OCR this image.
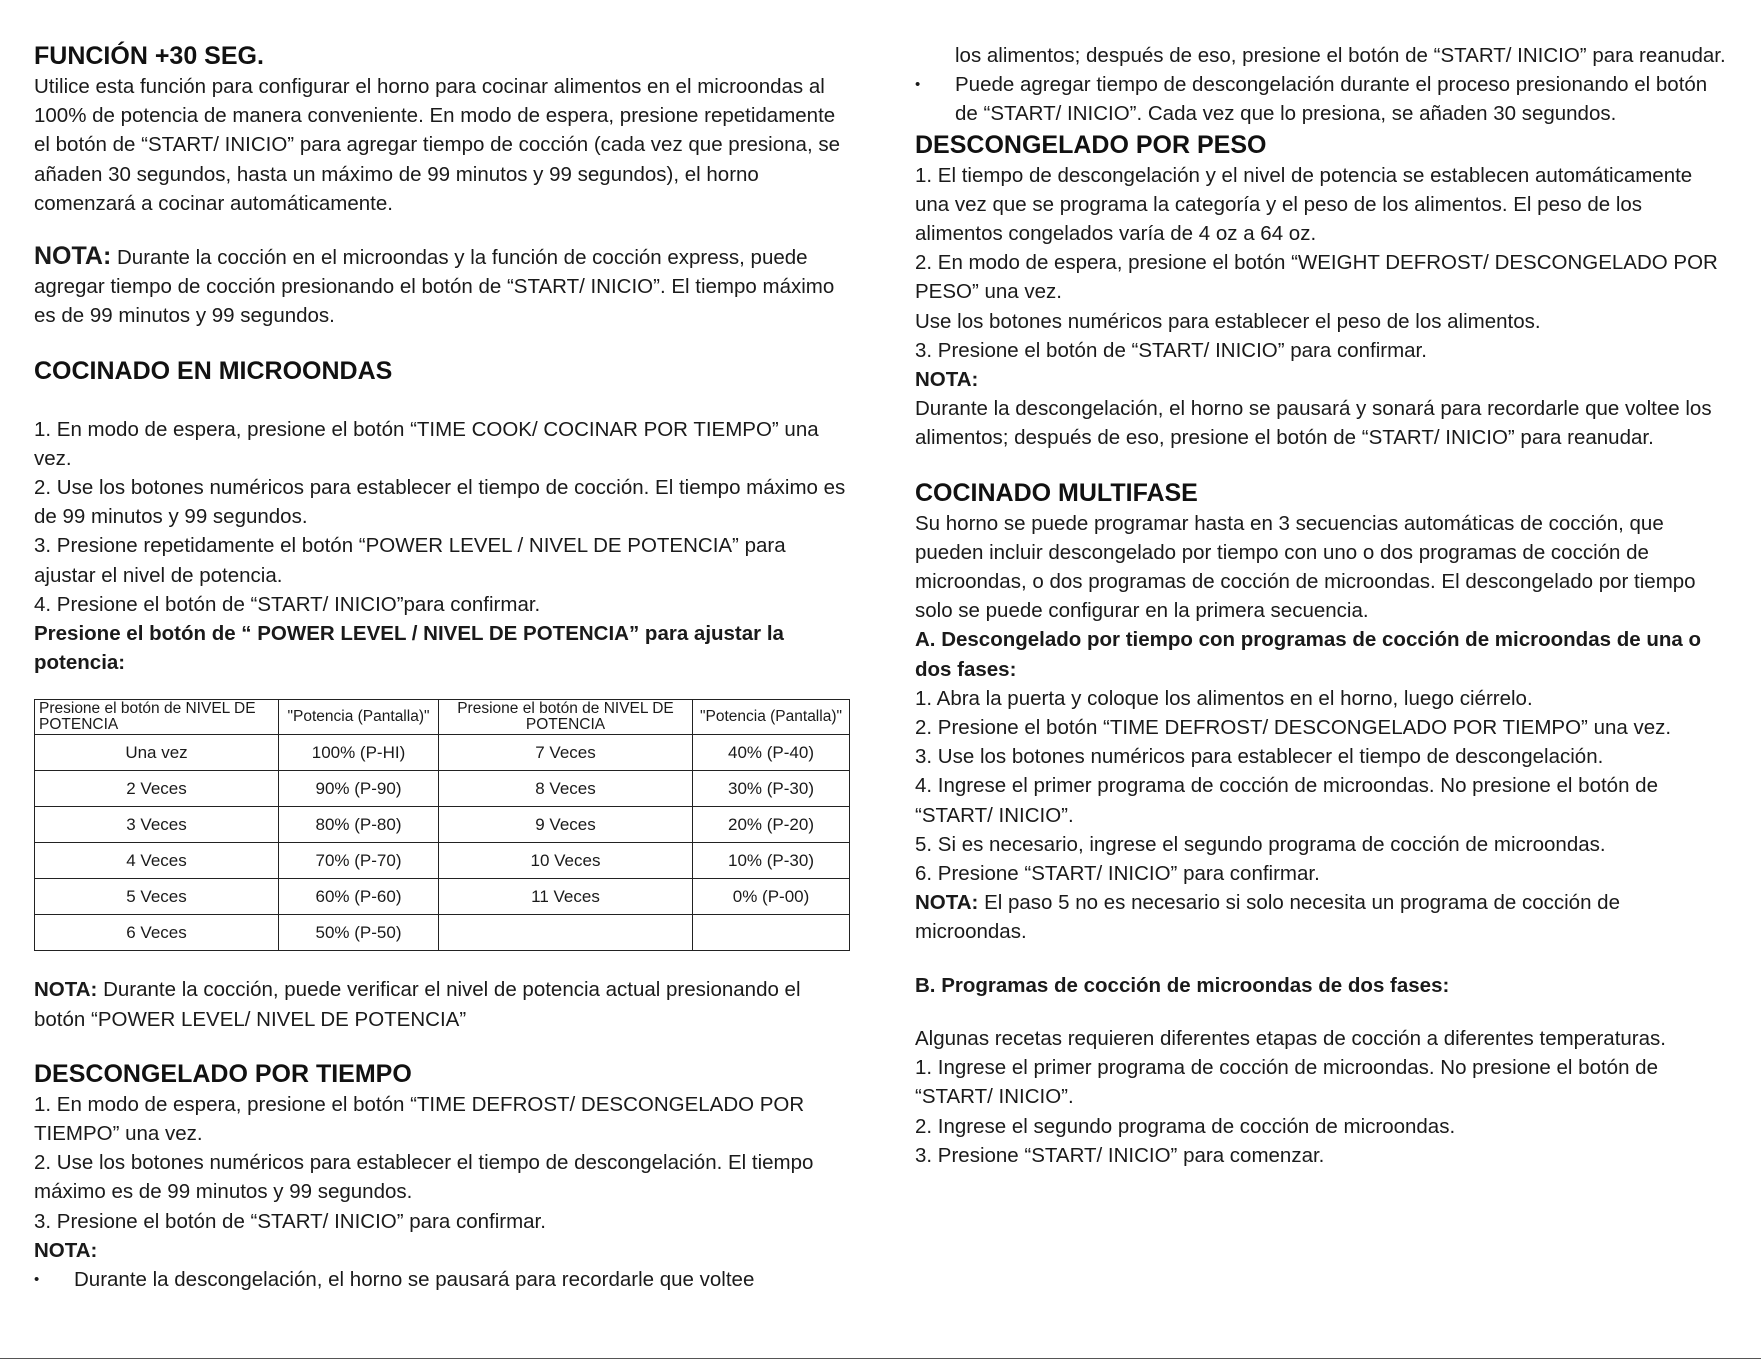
FUNCIÓN +30 SEG.

Utilice esta función para configurar el horno para cocinar alimentos en el microondas al 100% de potencia de manera conveniente. En modo de espera, presione repetidamente el botón de “START/ INICIO” para agregar tiempo de cocción (cada vez que presiona, se añaden 30 segundos, hasta un máximo de 99 minutos y 99 segundos), el horno comenzará a cocinar automáticamente.

NOTA: Durante la cocción en el microondas y la función de cocción express, puede agregar tiempo de cocción presionando el botón de “START/ INICIO”. El tiempo máximo es de 99 minutos y 99 segundos.

COCINADO EN MICROONDAS

1. En modo de espera, presione el botón “TIME COOK/ COCINAR POR TIEMPO” una vez.

2. Use los botones numéricos para establecer el tiempo de cocción. El tiempo máximo es de 99 minutos y 99 segundos.

3. Presione repetidamente el botón “POWER LEVEL / NIVEL DE POTENCIA” para ajustar el nivel de potencia.

4. Presione el botón de “START/ INICIO”para confirmar.

Presione el botón de “ POWER LEVEL / NIVEL DE POTENCIA” para ajustar la potencia:

Presione el botón de NIVEL DE POTENCIA	"Potencia (Pantalla)"	Presione el botón de NIVEL DE POTENCIA	"Potencia (Pantalla)"
Una vez	100% (P-HI)	7 Veces	40% (P-40)
2 Veces	90% (P-90)	8 Veces	30% (P-30)
3 Veces	80% (P-80)	9 Veces	20% (P-20)
4 Veces	70% (P-70)	10 Veces	10% (P-30)
5 Veces	60% (P-60)	11 Veces	0% (P-00)
6 Veces	50% (P-50)		

NOTA: Durante la cocción, puede verificar el nivel de potencia actual presionando el botón “POWER LEVEL/ NIVEL DE POTENCIA”

DESCONGELADO POR TIEMPO

1. En modo de espera, presione el botón “TIME DEFROST/ DESCONGELADO POR TIEMPO” una vez.

2. Use los botones numéricos para establecer el tiempo de descongelación. El tiempo máximo es de 99 minutos y 99 segundos.

3. Presione el botón de “START/ INICIO” para confirmar.

NOTA:

• Durante la descongelación, el horno se pausará para recordarle que voltee

los alimentos; después de eso, presione el botón de “START/ INICIO” para reanudar.

• Puede agregar tiempo de descongelación durante el proceso presionando el botón de “START/ INICIO”. Cada vez que lo presiona, se añaden 30 segundos.
DESCONGELADO POR PESO

1. El tiempo de descongelación y el nivel de potencia se establecen automáticamente una vez que se programa la categoría y el peso de los alimentos. El peso de los alimentos congelados varía de 4 oz a 64 oz.

2. En modo de espera, presione el botón “WEIGHT DEFROST/ DESCONGELADO POR PESO” una vez.

Use los botones numéricos para establecer el peso de los alimentos.

3. Presione el botón de “START/ INICIO” para confirmar.

NOTA:

Durante la descongelación, el horno se pausará y sonará para recordarle que voltee los alimentos; después de eso, presione el botón de “START/ INICIO” para reanudar.

COCINADO MULTIFASE

Su horno se puede programar hasta en 3 secuencias automáticas de cocción, que pueden incluir descongelado por tiempo con uno o dos programas de cocción de microondas, o dos programas de cocción de microondas. El descongelado por tiempo solo se puede configurar en la primera secuencia.

A. Descongelado por tiempo con programas de cocción de microondas de una o dos fases:

1. Abra la puerta y coloque los alimentos en el horno, luego ciérrelo.

2. Presione el botón “TIME DEFROST/ DESCONGELADO POR TIEMPO” una vez.

3. Use los botones numéricos para establecer el tiempo de descongelación.

4. Ingrese el primer programa de cocción de microondas. No presione el botón de “START/ INICIO”.

5. Si es necesario, ingrese el segundo programa de cocción de microondas.

6. Presione “START/ INICIO” para confirmar.

NOTA: El paso 5 no es necesario si solo necesita un programa de cocción de microondas.

B. Programas de cocción de microondas de dos fases:

Algunas recetas requieren diferentes etapas de cocción a diferentes temperaturas.

1. Ingrese el primer programa de cocción de microondas. No presione el botón de “START/ INICIO”.

2. Ingrese el segundo programa de cocción de microondas.

3. Presione “START/ INICIO” para comenzar.
